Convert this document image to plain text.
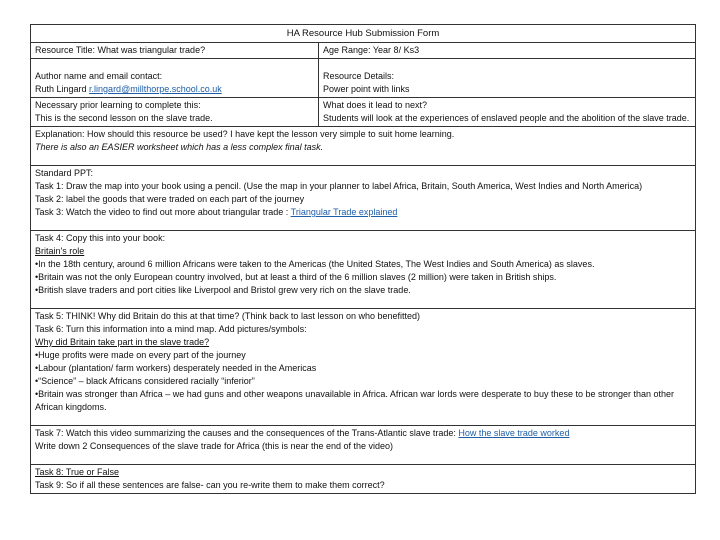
HA Resource Hub Submission Form
Resource Title: What was triangular trade?	Age Range: Year 8/ Ks3
Author name and email contact:
Ruth Lingard r.lingard@millthorpe.school.co.uk
Resource Details:
Power point with links
Necessary prior learning to complete this:
This is the second lesson on the slave trade.
What does it lead to next?
Students will look at the experiences of enslaved people and the abolition of the slave trade.
Explanation: How should this resource be used? I have kept the lesson very simple to suit home learning.
There is also an EASIER worksheet which has a less complex final task.
Standard PPT:
Task 1: Draw the map into your book using a pencil. (Use the map in your planner to label Africa, Britain, South America, West Indies and North America)
Task 2: label the goods that were traded on each part of the journey
Task 3: Watch the video to find out more about triangular trade : Triangular Trade explained
Task 4: Copy this into your book:
Britain's role
•In the 18th century, around 6 million Africans were taken to the Americas (the United States, The West Indies and South America) as slaves.
•Britain was not the only European country involved, but at least a third of the 6 million slaves (2 million) were taken in British ships.
•British slave traders and port cities like Liverpool and Bristol grew very rich on the slave trade.
Task 5: THINK! Why did Britain do this at that time? (Think back to last lesson on who benefitted)
Task 6: Turn this information into a mind map. Add pictures/symbols:
Why did Britain take part in the slave trade?
•Huge profits were made on every part of the journey
•Labour (plantation/ farm workers) desperately needed in the Americas
•“Science” – black Africans considered racially “inferior”
•Britain was stronger than Africa – we had guns and other weapons unavailable in Africa. African war lords were desperate to buy these to be stronger than other African kingdoms.
Task 7: Watch this video summarizing the causes and the consequences of the Trans-Atlantic slave trade: How the slave trade worked
Write down 2 Consequences of the slave trade for Africa (this is near the end of the video)
Task 8: True or False
Task 9: So if all these sentences are false- can you re-write them to make them correct?
